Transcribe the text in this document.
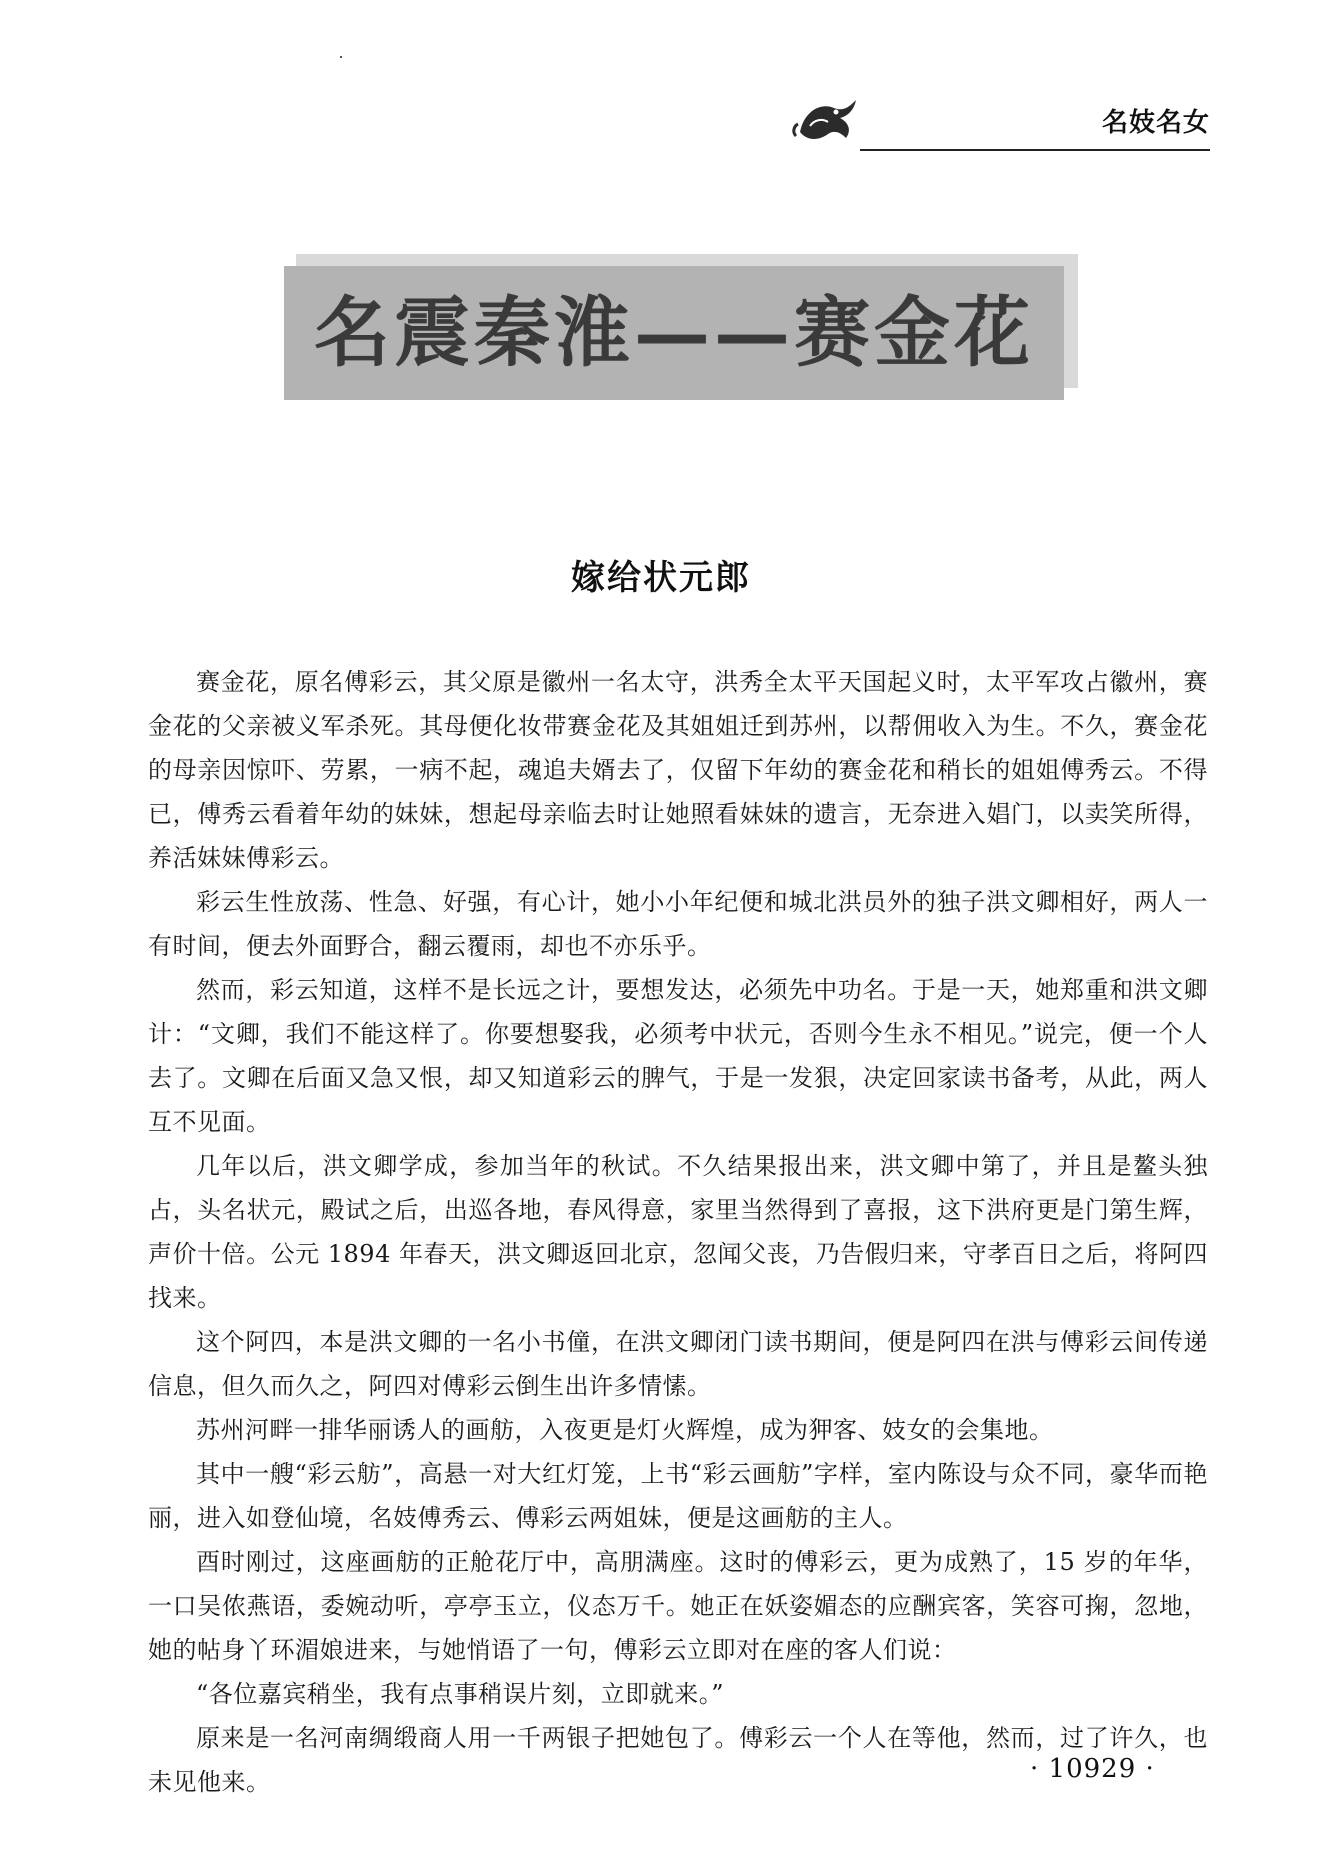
名妓名女
名震秦淮——赛金花
嫁给状元郎

赛金花，原名傅彩云，其父原是徽州一名太守，洪秀全太平天国起义时，太平军攻占徽州，赛金花的父亲被义军杀死。其母便化妆带赛金花及其姐姐迁到苏州，以帮佣收入为生。不久，赛金花的母亲因惊吓、劳累，一病不起，魂追夫婿去了，仅留下年幼的赛金花和稍长的姐姐傅秀云。不得已，傅秀云看着年幼的妹妹，想起母亲临去时让她照看妹妹的遗言，无奈进入娼门，以卖笑所得，养活妹妹傅彩云。

彩云生性放荡、性急、好强，有心计，她小小年纪便和城北洪员外的独子洪文卿相好，两人一有时间，便去外面野合，翻云覆雨，却也不亦乐乎。

然而，彩云知道，这样不是长远之计，要想发达，必须先中功名。于是一天，她郑重和洪文卿计：“文卿，我们不能这样了。你要想娶我，必须考中状元，否则今生永不相见。”说完，便一个人去了。文卿在后面又急又恨，却又知道彩云的脾气，于是一发狠，决定回家读书备考，从此，两人互不见面。

几年以后，洪文卿学成，参加当年的秋试。不久结果报出来，洪文卿中第了，并且是鳌头独占，头名状元，殿试之后，出巡各地，春风得意，家里当然得到了喜报，这下洪府更是门第生辉，声价十倍。公元 1894 年春天，洪文卿返回北京，忽闻父丧，乃告假归来，守孝百日之后，将阿四找来。

这个阿四，本是洪文卿的一名小书僮，在洪文卿闭门读书期间，便是阿四在洪与傅彩云间传递信息，但久而久之，阿四对傅彩云倒生出许多情愫。

苏州河畔一排华丽诱人的画舫，入夜更是灯火辉煌，成为狎客、妓女的会集地。

其中一艘“彩云舫”，高悬一对大红灯笼，上书“彩云画舫”字样，室内陈设与众不同，豪华而艳丽，进入如登仙境，名妓傅秀云、傅彩云两姐妹，便是这画舫的主人。

酉时刚过，这座画舫的正舱花厅中，高朋满座。这时的傅彩云，更为成熟了，15 岁的年华，一口吴侬燕语，委婉动听，亭亭玉立，仪态万千。她正在妖姿媚态的应酬宾客，笑容可掬，忽地，她的帖身丫环湄娘进来，与她悄语了一句，傅彩云立即对在座的客人们说：

“各位嘉宾稍坐，我有点事稍误片刻，立即就来。”

原来是一名河南绸缎商人用一千两银子把她包了。傅彩云一个人在等他，然而，过了许久，也未见他来。	· 10929 ·
